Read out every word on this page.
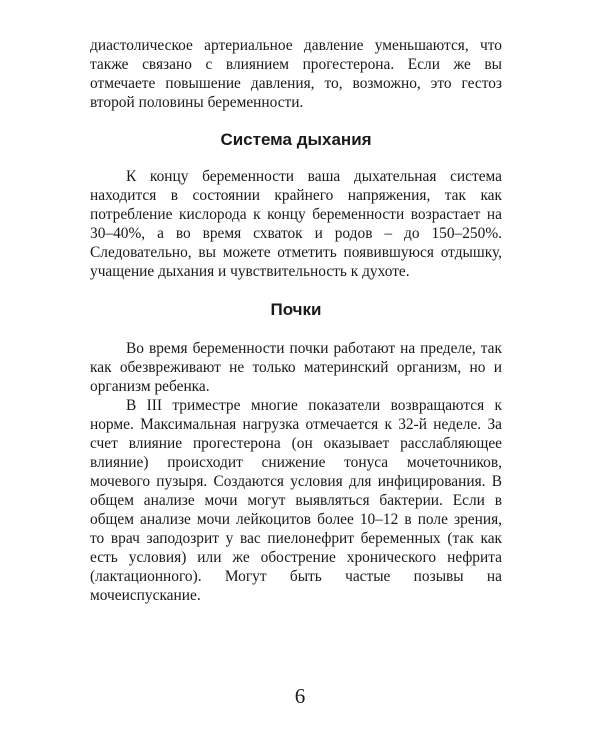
диастолическое артериальное давление уменьшаются, что также связано с влиянием прогестерона. Если же вы отмечаете повышение давления, то, возможно, это гестоз второй половины беременности.

Система дыхания

К концу беременности ваша дыхательная система находится в состоянии крайнего напряжения, так как потребление кислорода к концу беременности возрастает на 30–40%, а во время схваток и родов – до 150–250%. Следовательно, вы можете отметить появившуюся отдышку, учащение дыхания и чувствительность к духоте.

Почки

Во время беременности почки работают на пределе, так как обезвреживают не только материнский организм, но и организм ребенка.

В III триместре многие показатели возвращаются к норме. Максимальная нагрузка отмечается к 32-й неделе. За счет влияние прогестерона (он оказывает расслабляющее влияние) происходит снижение тонуса мочеточников, мочевого пузыря. Создаются условия для инфицирования. В общем анализе мочи могут выявляться бактерии. Если в общем анализе мочи лейкоцитов более 10–12 в поле зрения, то врач заподозрит у вас пиелонефрит беременных (так как есть условия) или же обострение хронического нефрита (лактационного). Могут быть частые позывы на мочеиспускание.

6
